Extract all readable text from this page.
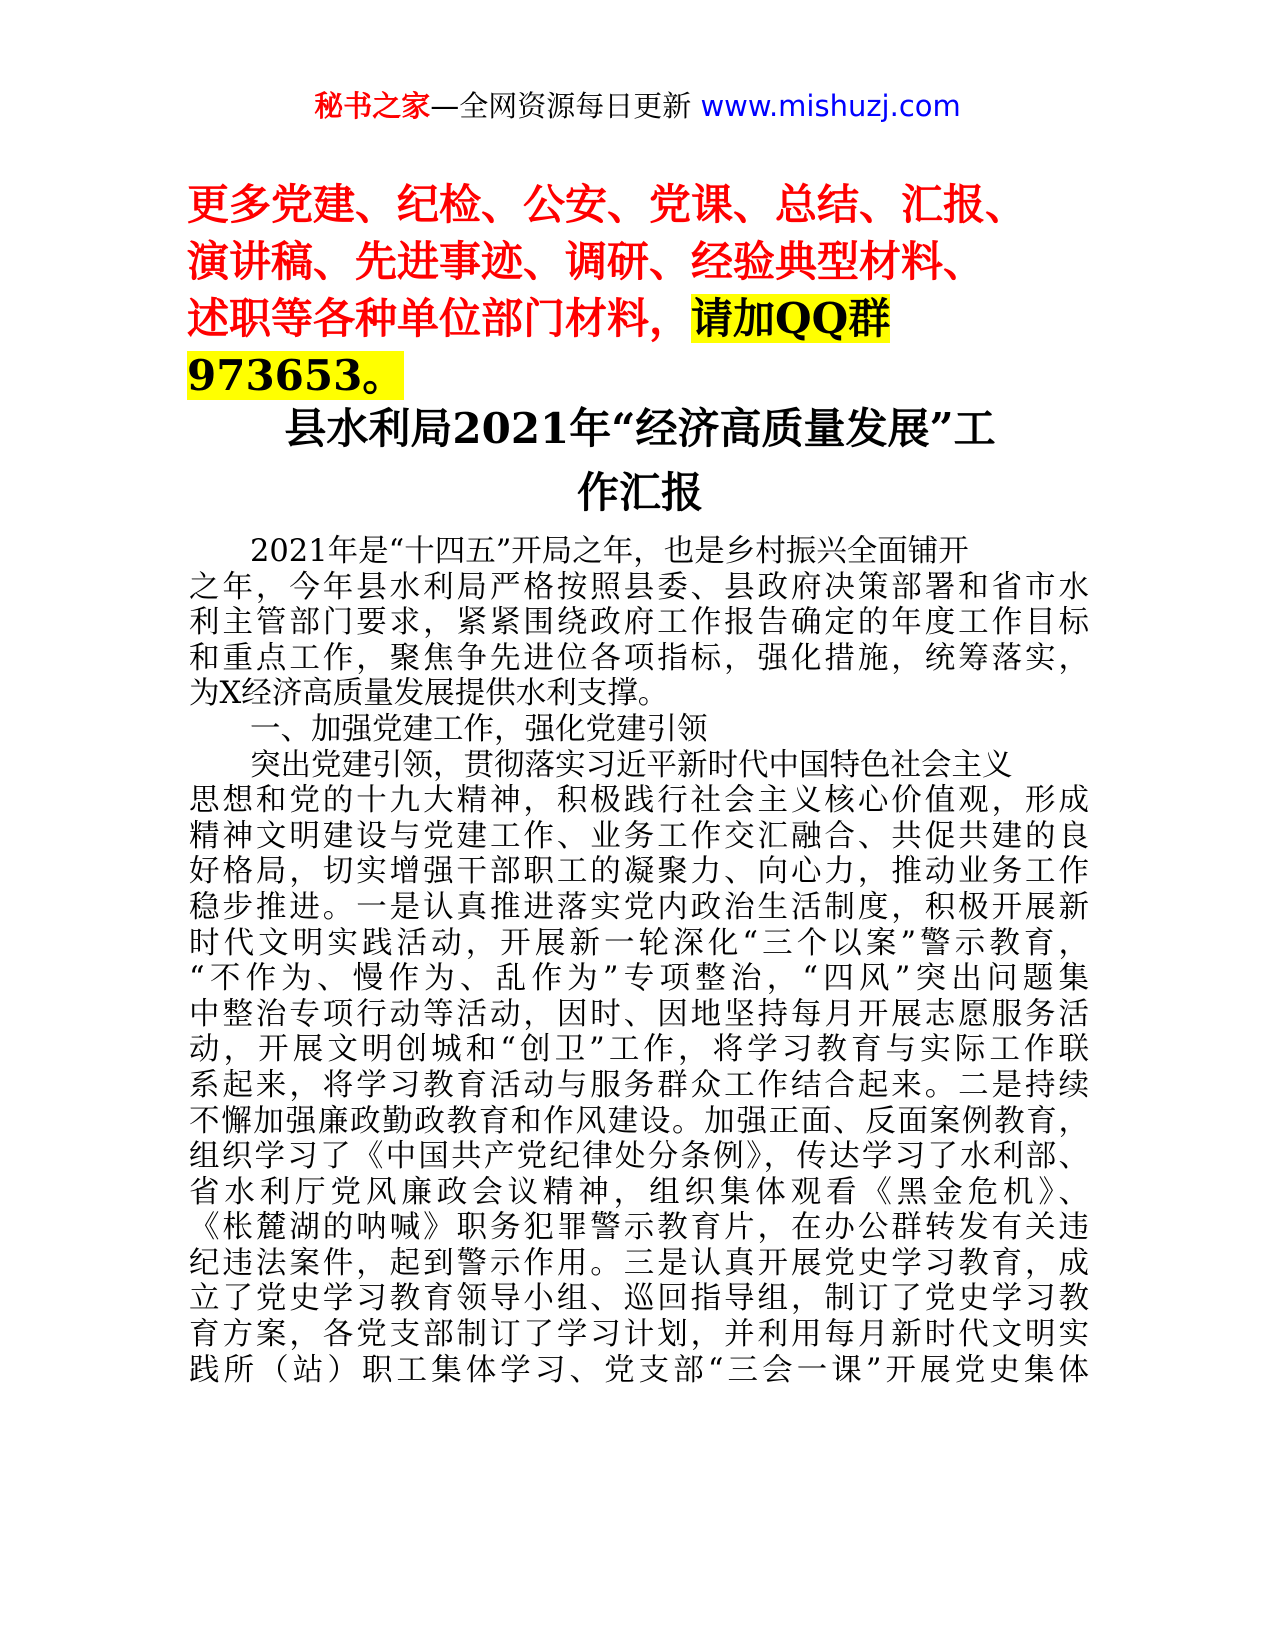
秘书之家—全网资源每日更新 www.mishuzj.com
更多党建、纪检、公安、党课、总结、汇报、
演讲稿、先进事迹、调研、经验典型材料、
述职等各种单位部门材料，请加QQ群
973653。
县水利局2021年“经济高质量发展”工
作汇报
2021年是“十四五”开局之年，也是乡村振兴全面铺开
之年，今年县水利局严格按照县委、县政府决策部署和省市水
利主管部门要求，紧紧围绕政府工作报告确定的年度工作目标
和重点工作，聚焦争先进位各项指标，强化措施，统筹落实，
为X经济高质量发展提供水利支撑。
一、加强党建工作，强化党建引领
突出党建引领，贯彻落实习近平新时代中国特色社会主义
思想和党的十九大精神，积极践行社会主义核心价值观，形成
精神文明建设与党建工作、业务工作交汇融合、共促共建的良
好格局，切实增强干部职工的凝聚力、向心力，推动业务工作
稳步推进。一是认真推进落实党内政治生活制度，积极开展新
时代文明实践活动，开展新一轮深化“三个以案”警示教育，
“不作为、慢作为、乱作为”专项整治，“四风”突出问题集
中整治专项行动等活动，因时、因地坚持每月开展志愿服务活
动，开展文明创城和“创卫”工作，将学习教育与实际工作联
系起来，将学习教育活动与服务群众工作结合起来。二是持续
不懈加强廉政勤政教育和作风建设。加强正面、反面案例教育，
组织学习了《中国共产党纪律处分条例》，传达学习了水利部、
省水利厅党风廉政会议精神，组织集体观看《黑金危机》、
《枨麓湖的呐喊》职务犯罪警示教育片，在办公群转发有关违
纪违法案件，起到警示作用。三是认真开展党史学习教育，成
立了党史学习教育领导小组、巡回指导组，制订了党史学习教
育方案，各党支部制订了学习计划，并利用每月新时代文明实
践所（站）职工集体学习、党支部“三会一课”开展党史集体
